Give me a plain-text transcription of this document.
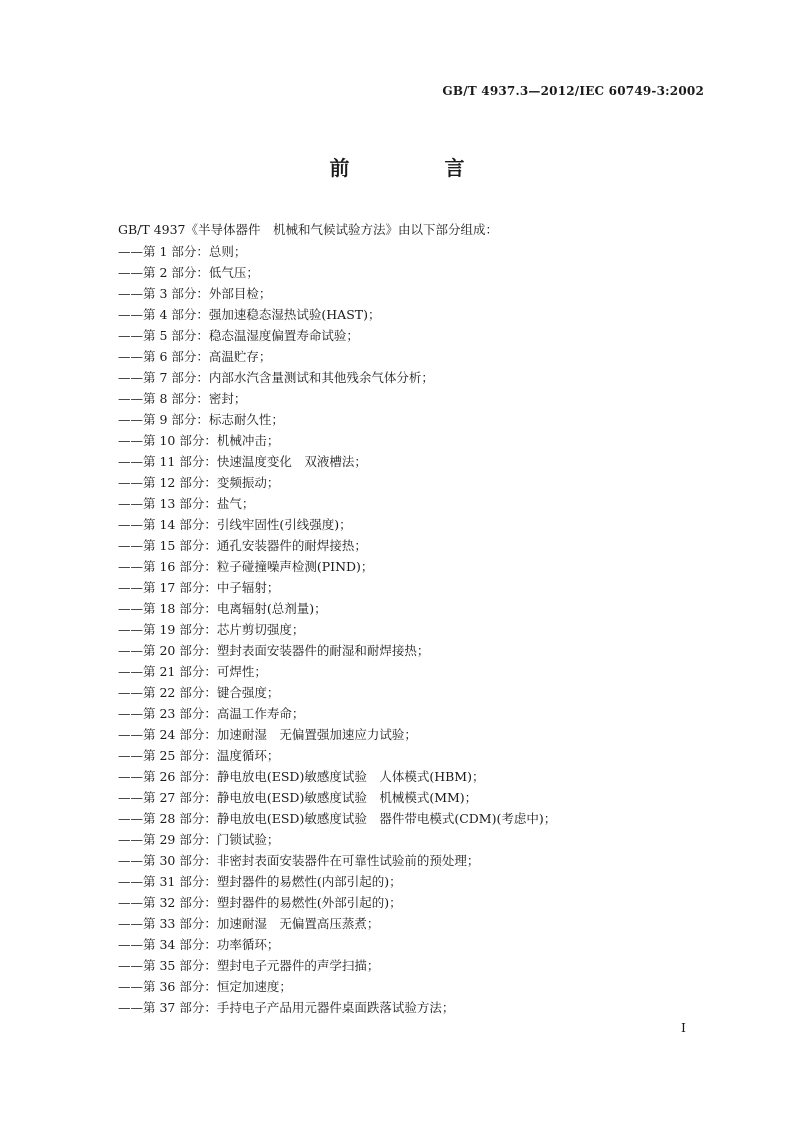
GB/T 4937.3—2012/IEC 60749-3:2002
前 言
GB/T 4937《半导体器件　机械和气候试验方法》由以下部分组成：
——第 1 部分：总则；
——第 2 部分：低气压；
——第 3 部分：外部目检；
——第 4 部分：强加速稳态湿热试验(HAST)；
——第 5 部分：稳态温湿度偏置寿命试验；
——第 6 部分：高温贮存；
——第 7 部分：内部水汽含量测试和其他残余气体分析；
——第 8 部分：密封；
——第 9 部分：标志耐久性；
——第 10 部分：机械冲击；
——第 11 部分：快速温度变化　双液槽法；
——第 12 部分：变频振动；
——第 13 部分：盐气；
——第 14 部分：引线牢固性(引线强度)；
——第 15 部分：通孔安装器件的耐焊接热；
——第 16 部分：粒子碰撞噪声检测(PIND)；
——第 17 部分：中子辐射；
——第 18 部分：电离辐射(总剂量)；
——第 19 部分：芯片剪切强度；
——第 20 部分：塑封表面安装器件的耐湿和耐焊接热；
——第 21 部分：可焊性；
——第 22 部分：键合强度；
——第 23 部分：高温工作寿命；
——第 24 部分：加速耐湿　无偏置强加速应力试验；
——第 25 部分：温度循环；
——第 26 部分：静电放电(ESD)敏感度试验　人体模式(HBM)；
——第 27 部分：静电放电(ESD)敏感度试验　机械模式(MM)；
——第 28 部分：静电放电(ESD)敏感度试验　器件带电模式(CDM)(考虑中)；
——第 29 部分：门锁试验；
——第 30 部分：非密封表面安装器件在可靠性试验前的预处理；
——第 31 部分：塑封器件的易燃性(内部引起的)；
——第 32 部分：塑封器件的易燃性(外部引起的)；
——第 33 部分：加速耐湿　无偏置高压蒸煮；
——第 34 部分：功率循环；
——第 35 部分：塑封电子元器件的声学扫描；
——第 36 部分：恒定加速度；
——第 37 部分：手持电子产品用元器件桌面跌落试验方法；
I
